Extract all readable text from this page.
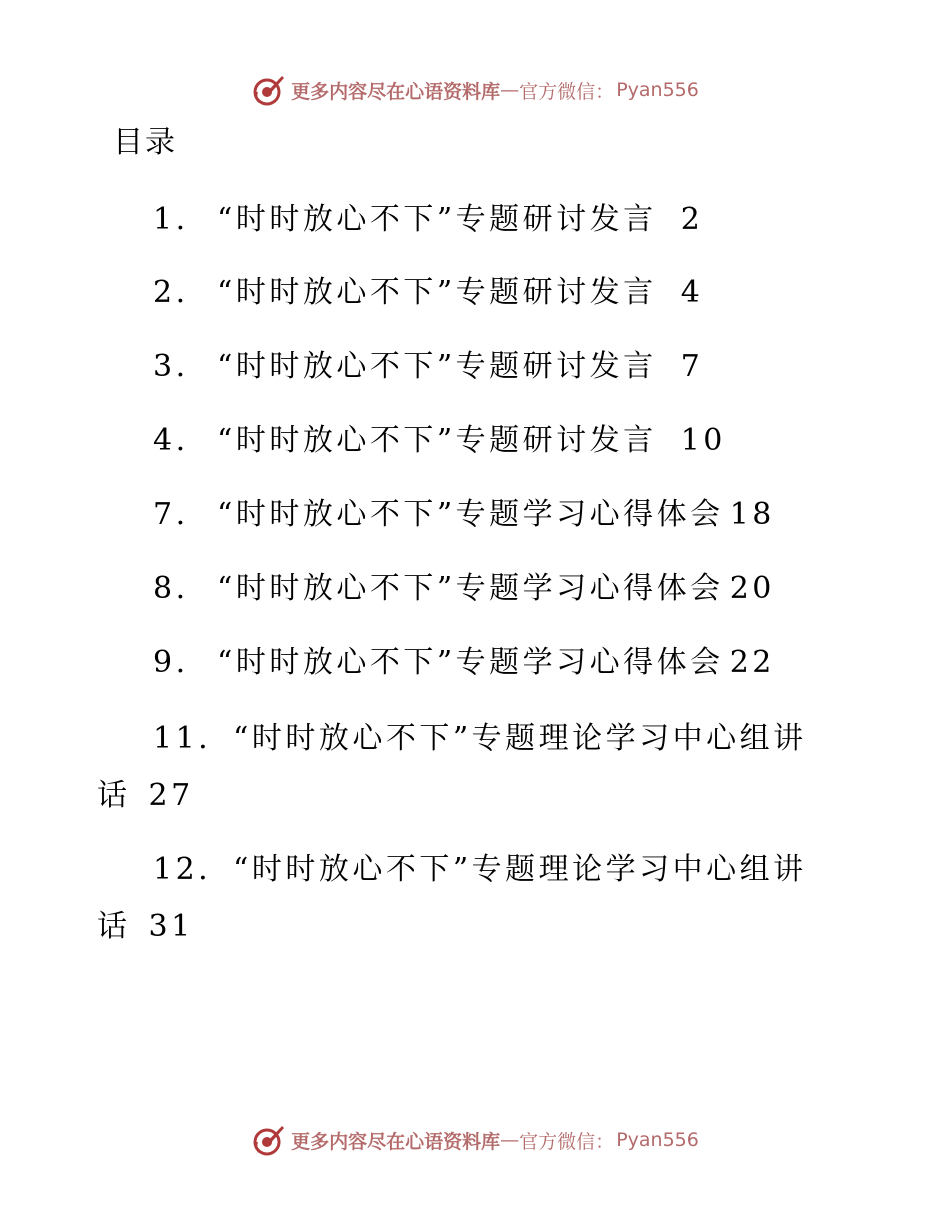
更多内容尽在心语资料库 — 官方微信： Pyan556
目录
1. “时时放心不下”专题研讨发言 2
2. “时时放心不下”专题研讨发言 4
3. “时时放心不下”专题研讨发言 7
4. “时时放心不下”专题研讨发言 10
7. “时时放心不下”专题学习心得体会 18
8. “时时放心不下”专题学习心得体会 20
9. “时时放心不下”专题学习心得体会 22
11. “时时放心不下”专题理论学习中心组讲
话 27
12. “时时放心不下”专题理论学习中心组讲
话 31
更多内容尽在心语资料库 — 官方微信： Pyan556
